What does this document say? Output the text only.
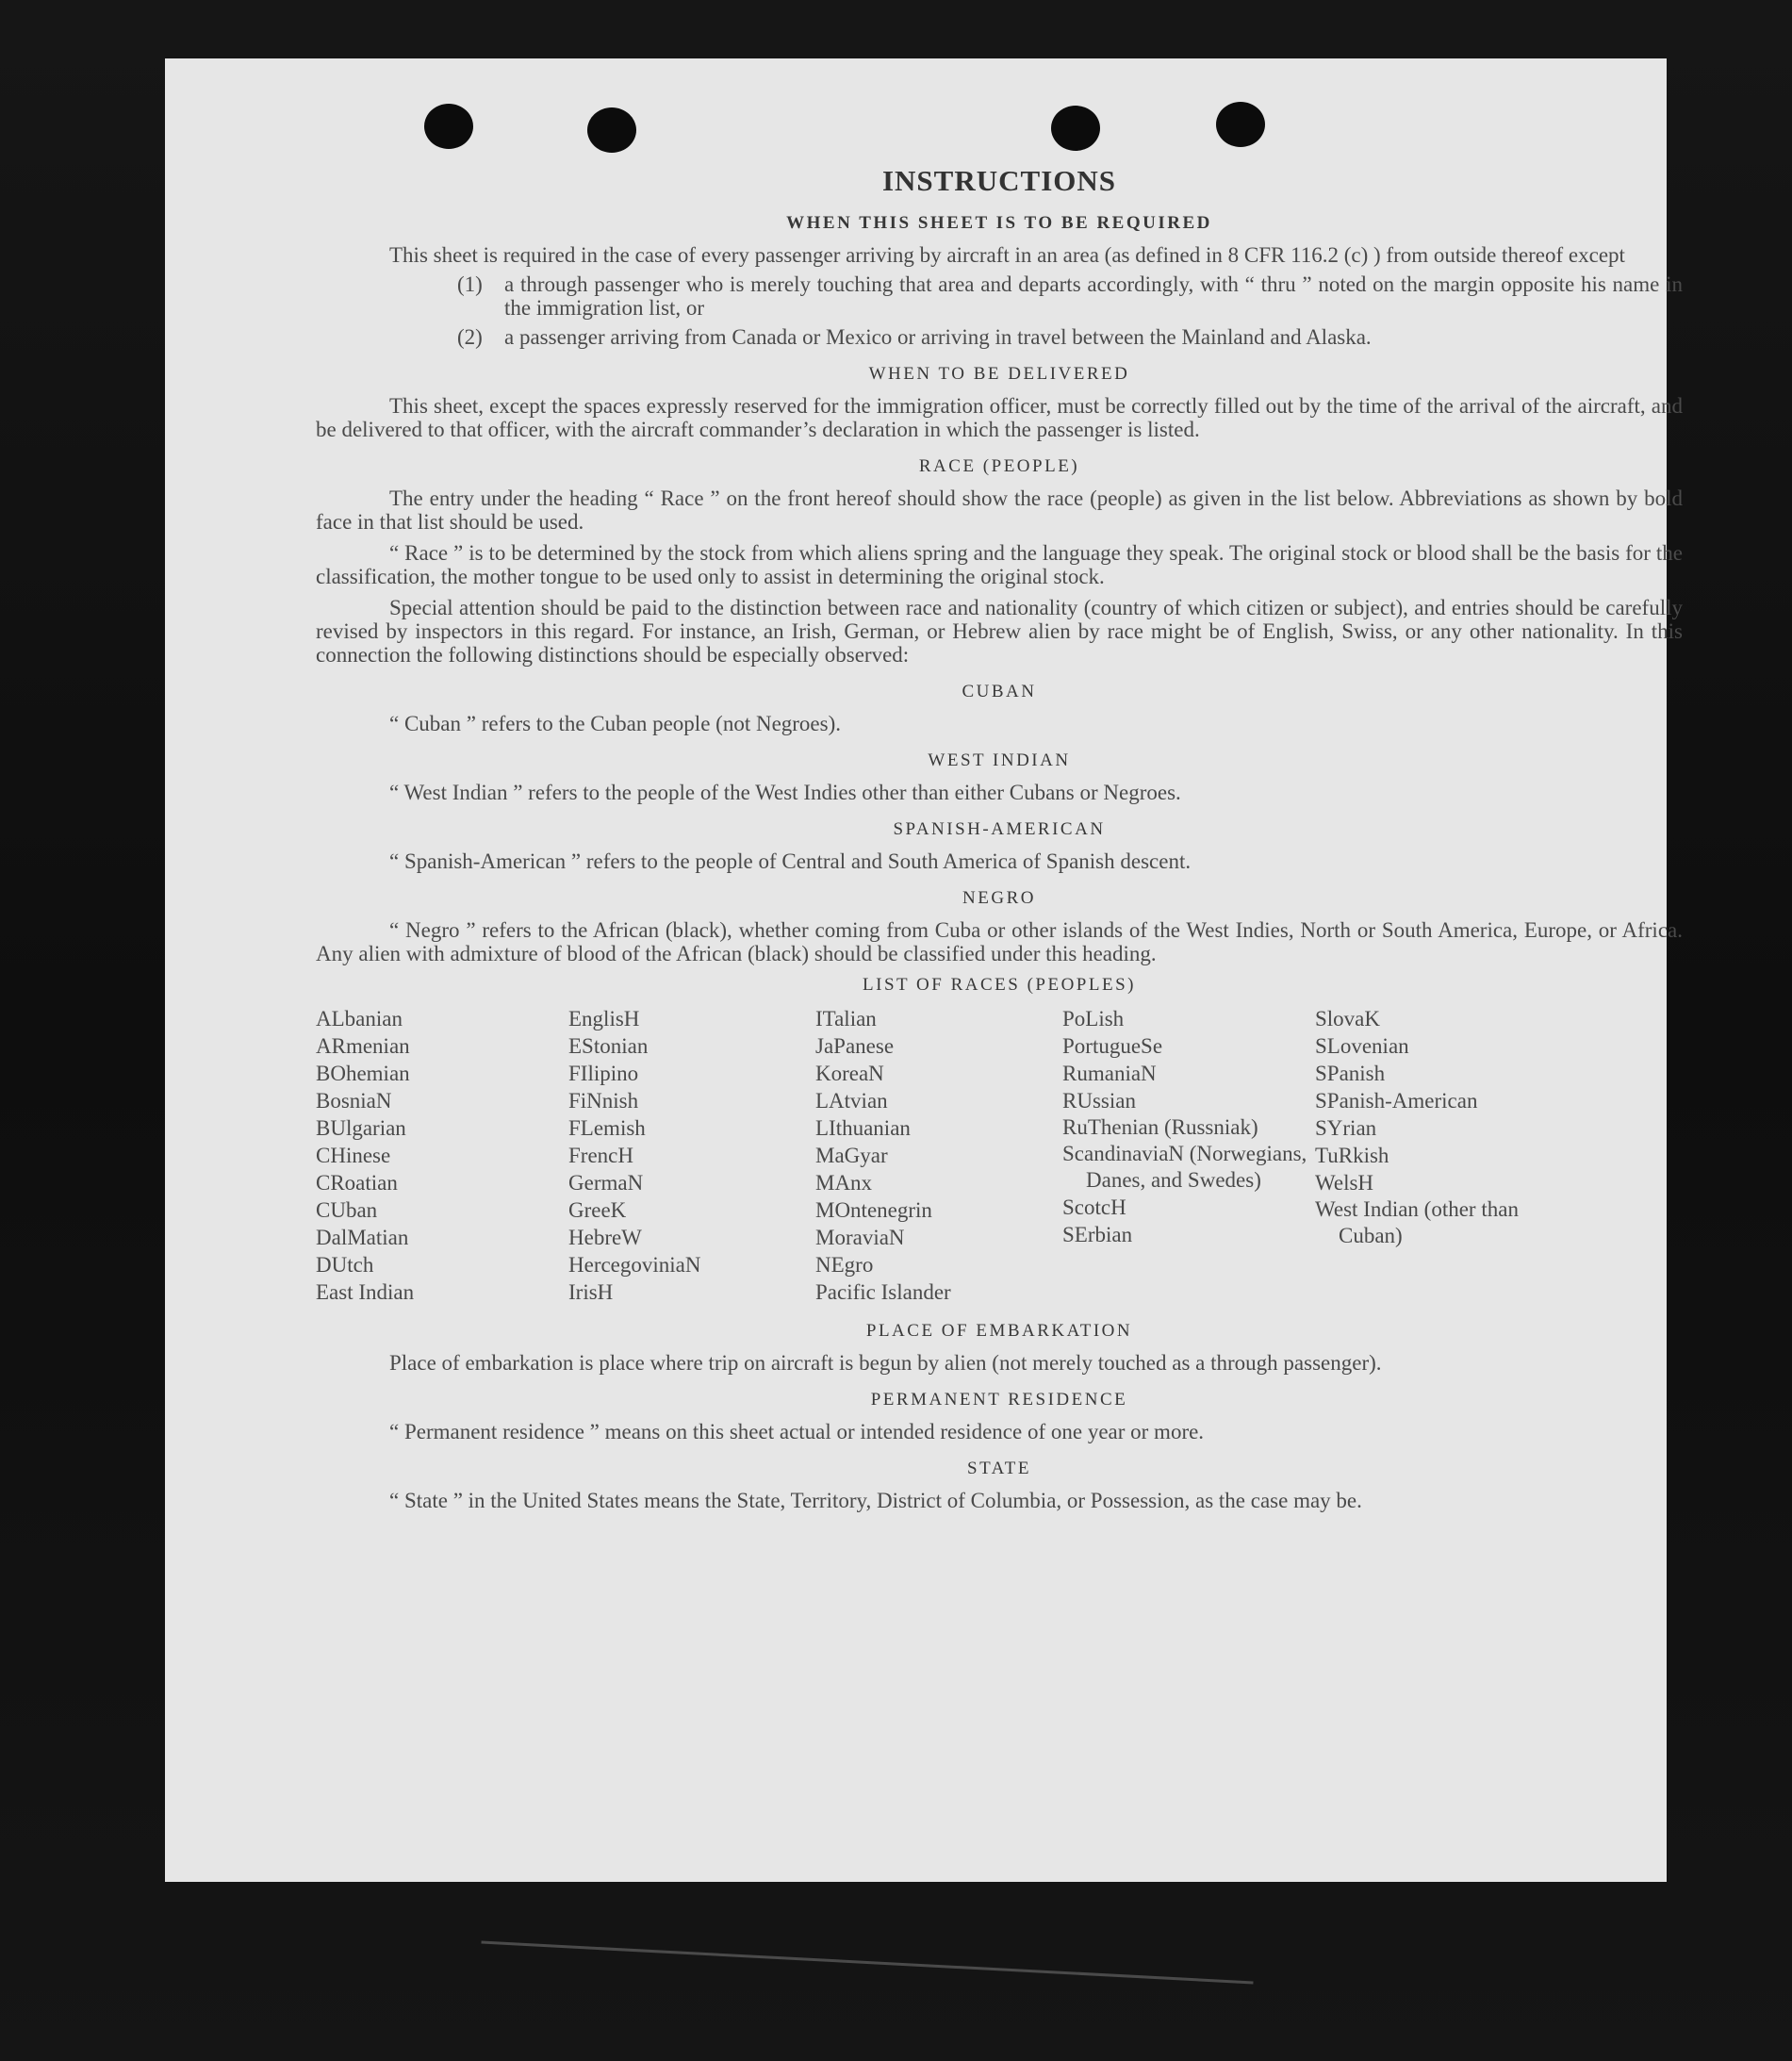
INSTRUCTIONS
WHEN THIS SHEET IS TO BE REQUIRED

This sheet is required in the case of every passenger arriving by aircraft in an area (as defined in 8 CFR 116.2 (c) ) from outside thereof except

(1) a through passenger who is merely touching that area and departs accordingly, with “ thru ” noted on the margin opposite his name in the immigration list, or
(2) a passenger arriving from Canada or Mexico or arriving in travel between the Mainland and Alaska.
WHEN TO BE DELIVERED

This sheet, except the spaces expressly reserved for the immigration officer, must be correctly filled out by the time of the arrival of the aircraft, and be delivered to that officer, with the aircraft commander’s declaration in which the passenger is listed.

RACE (PEOPLE)

The entry under the heading “ Race ” on the front hereof should show the race (people) as given in the list below. Abbreviations as shown by bold face in that list should be used.

“ Race ” is to be determined by the stock from which aliens spring and the language they speak. The original stock or blood shall be the basis for the classification, the mother tongue to be used only to assist in determining the original stock.

Special attention should be paid to the distinction between race and nationality (country of which citizen or subject), and entries should be carefully revised by inspectors in this regard. For instance, an Irish, German, or Hebrew alien by race might be of English, Swiss, or any other nationality. In this connection the following distinctions should be especially observed:

CUBAN

“ Cuban ” refers to the Cuban people (not Negroes).

WEST INDIAN

“ West Indian ” refers to the people of the West Indies other than either Cubans or Negroes.

SPANISH-AMERICAN

“ Spanish-American ” refers to the people of Central and South America of Spanish descent.

NEGRO

“ Negro ” refers to the African (black), whether coming from Cuba or other islands of the West Indies, North or South America, Europe, or Africa. Any alien with admixture of blood of the African (black) should be classified under this heading.

LIST OF RACES (PEOPLES)
ALbanian
ARmenian
BOhemian
BosniaN
BUlgarian
CHinese
CRoatian
CUban
DalMatian
DUtch
East Indian
EnglisH
EStonian
FIlipino
FiNnish
FLemish
FrencH
GermaN
GreeK
HebreW
HercegoviniaN
IrisH
ITalian
JaPanese
KoreaN
LAtvian
LIthuanian
MaGyar
MAnx
MOntenegrin
MoraviaN
NEgro
Pacific Islander
PoLish
PortugueSe
RumaniaN
RUssian
RuThenian (Russniak)
ScandinaviaN (Norwegians, Danes, and Swedes)
ScotcH
SErbian
SlovaK
SLovenian
SPanish
SPanish-American
SYrian
TuRkish
WelsH
West Indian (other than Cuban)
PLACE OF EMBARKATION

Place of embarkation is place where trip on aircraft is begun by alien (not merely touched as a through passenger).

PERMANENT RESIDENCE

“ Permanent residence ” means on this sheet actual or intended residence of one year or more.

STATE

“ State ” in the United States means the State, Territory, District of Columbia, or Possession, as the case may be.
